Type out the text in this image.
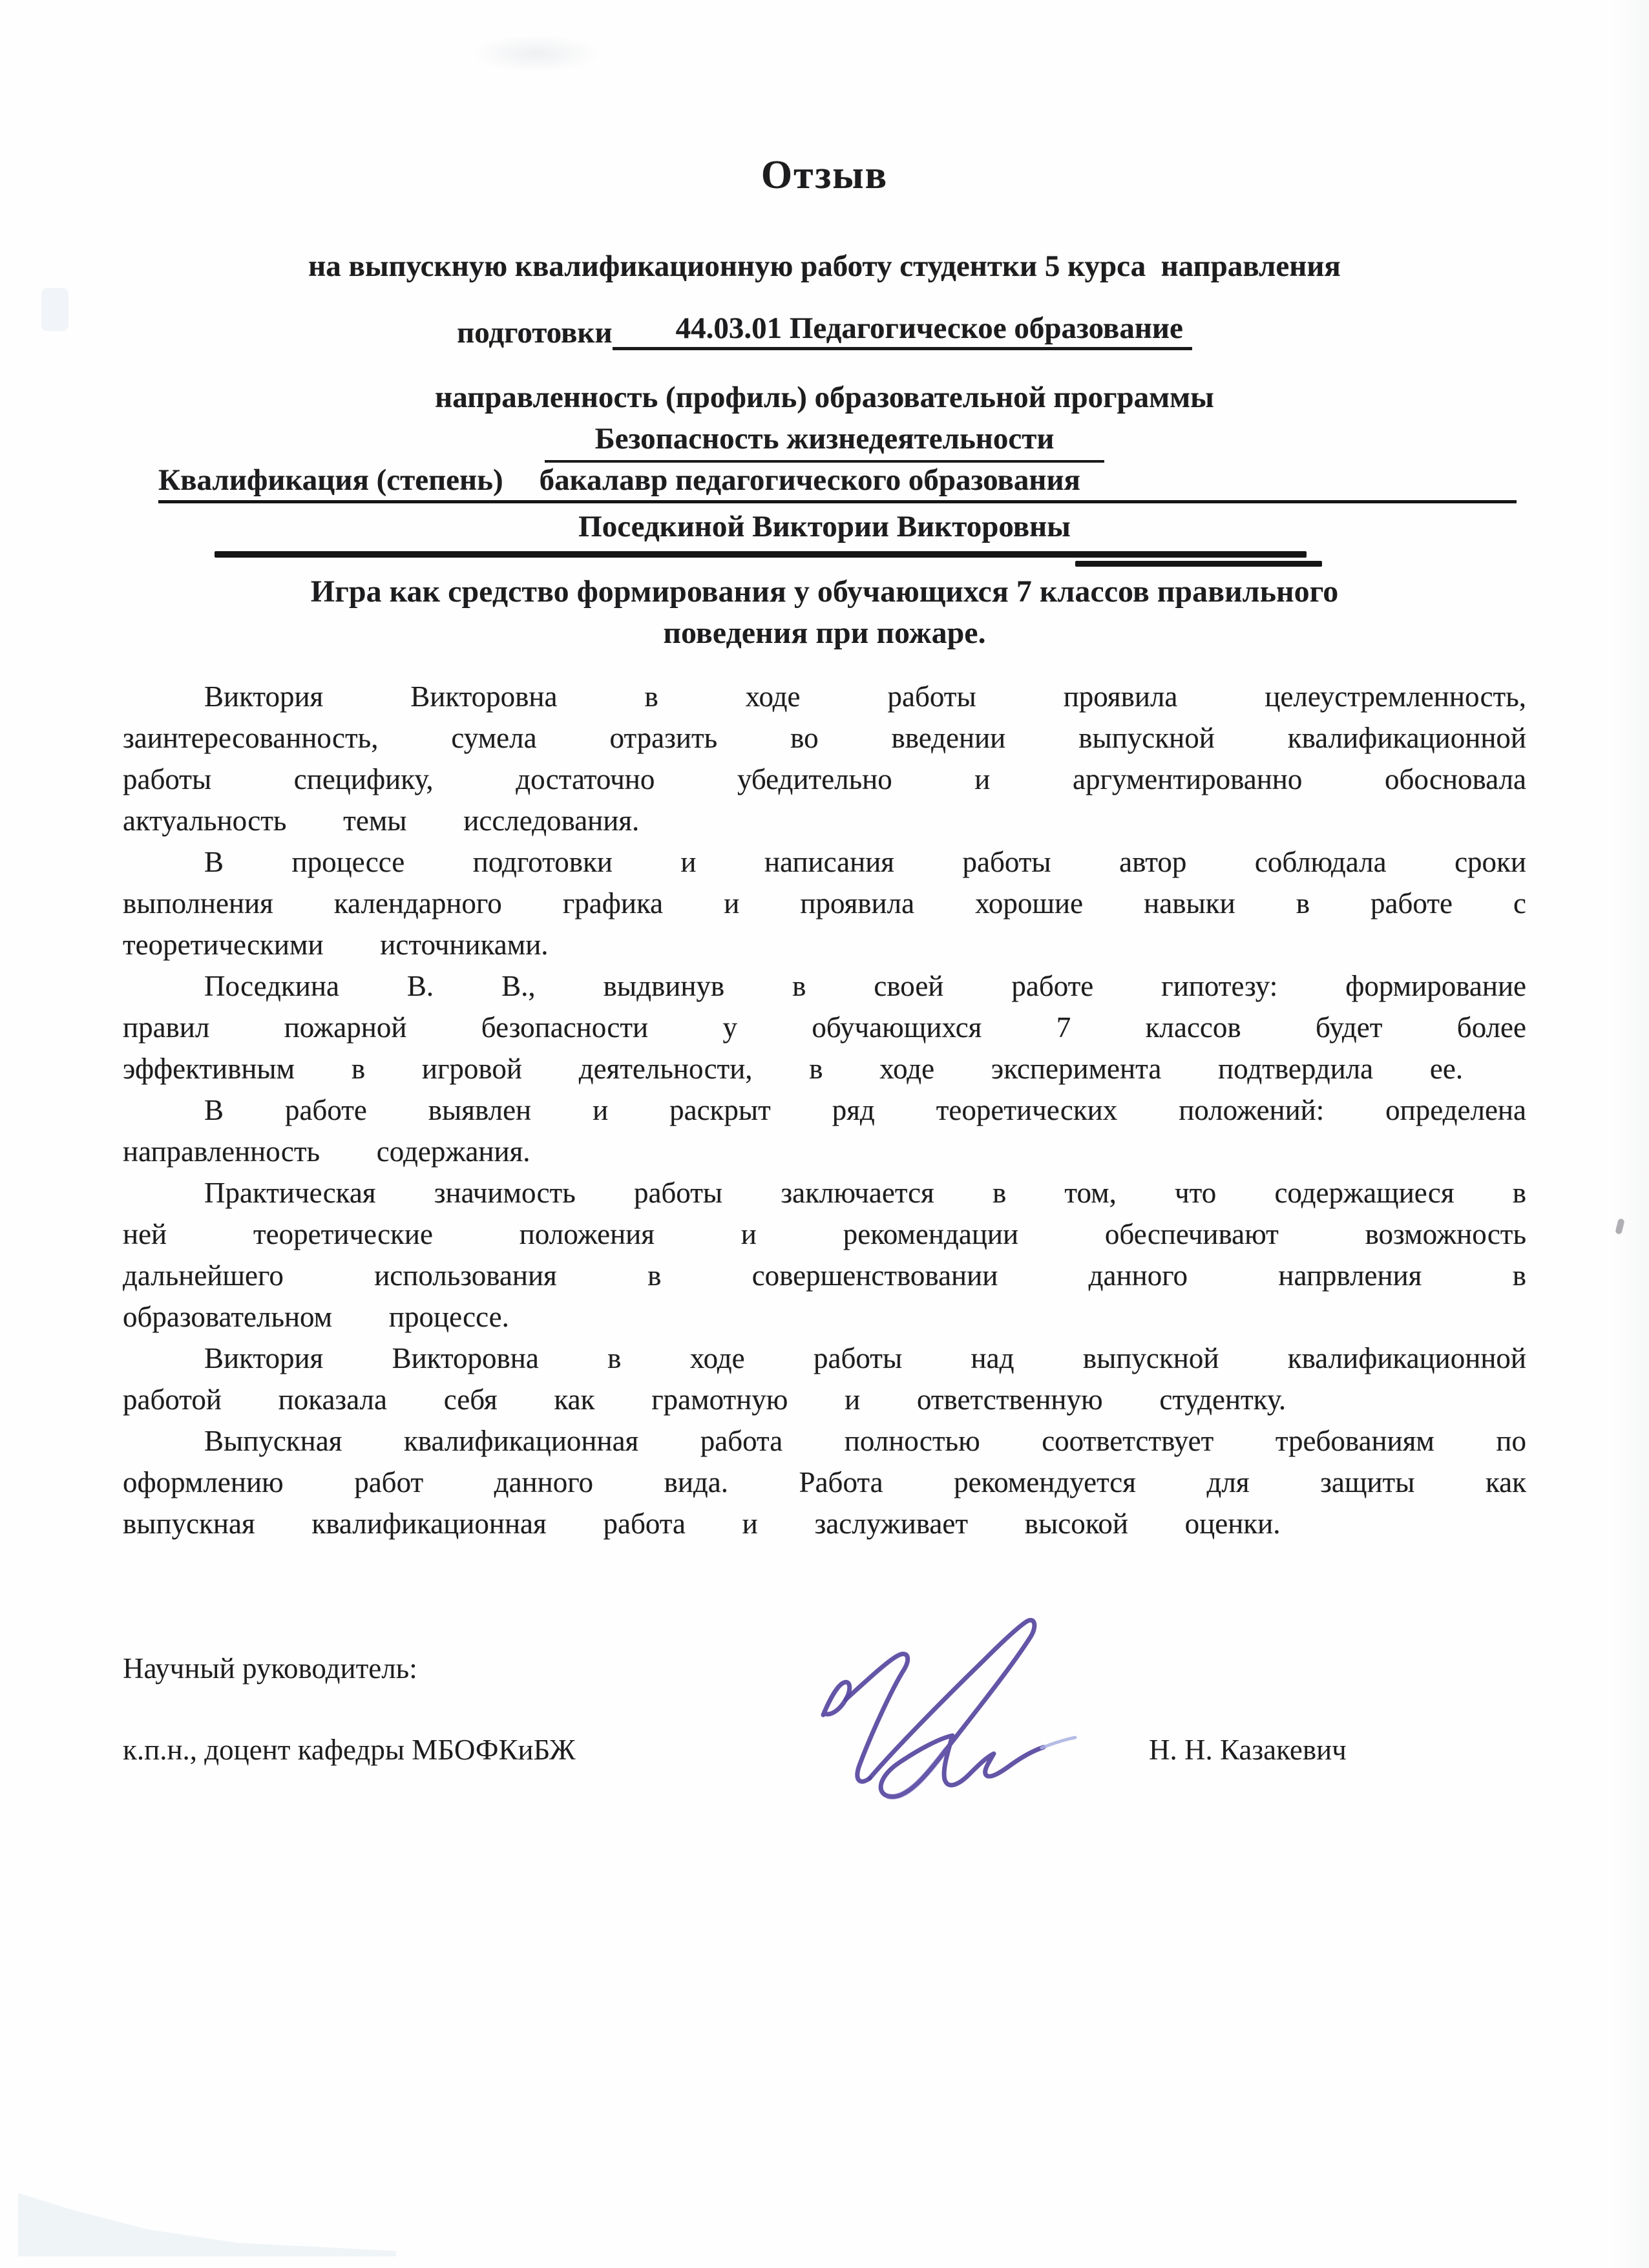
Отзыв
на выпускную квалификационную работу студентки 5 курса  направления
подготовки 44.03.01 Педагогическое образование
направленность (профиль) образовательной программы
Безопасность жизнедеятельности
Квалификация (степень) бакалавр педагогического образования
Поседкиной Виктории Викторовны
Игра как средство формирования у обучающихся 7 классов правильного
поведения при пожаре.

Виктория Викторовна в ходе работы проявила целеустремленность, заинтересованность, сумела отразить во введении выпускной квалификационной работы специфику, достаточно убедительно и аргументированно обосновала актуальность темы исследования.

В процессе подготовки и написания работы автор соблюдала сроки выполнения календарного графика и проявила хорошие навыки в работе с теоретическими источниками.

Поседкина В. В., выдвинув в своей работе гипотезу: формирование правил пожарной безопасности у обучающихся 7 классов будет более эффективным в игровой деятельности, в ходе эксперимента подтвердила ее.

В работе выявлен и раскрыт ряд теоретических положений: определена направленность содержания.

Практическая значимость работы заключается в том, что содержащиеся в ней теоретические положения и рекомендации обеспечивают возможность дальнейшего использования в совершенствовании данного напрвления в образовательном процессе.

Виктория Викторовна в ходе работы над выпускной квалификационной работой показала себя как грамотную и ответственную студентку.

Выпускная квалификационная работа полностью соответствует требованиям по оформлению работ данного вида. Работа рекомендуется для защиты как выпускная квалификационная работа и заслуживает высокой оценки.

Научный руководитель:
к.п.н., доцент кафедры МБОФКиБЖ	Н. Н. Казакевич
